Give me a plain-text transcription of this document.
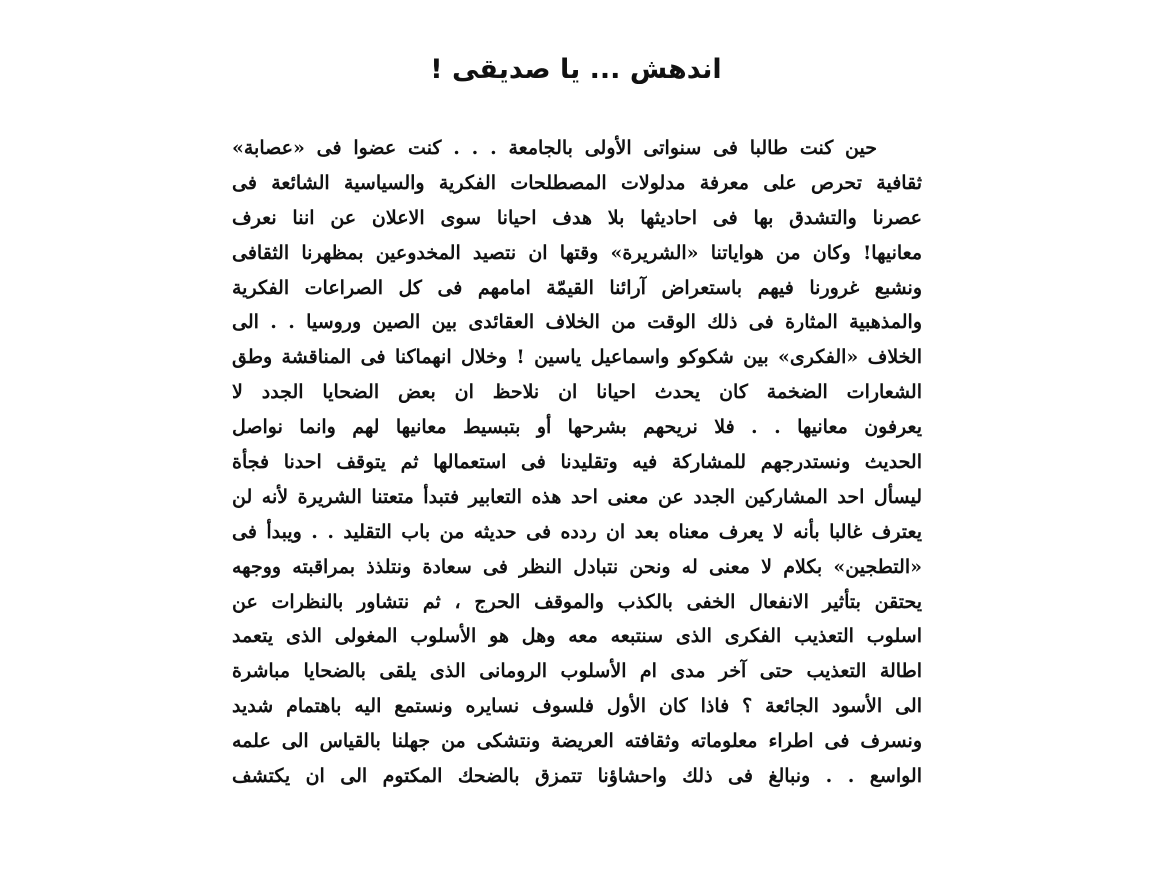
اندهش ... يا صديقى !
حين كنت طالبا فى سنواتى الأولى بالجامعة . . . كنت عضوا فى «عصابة»
ثقافية تحرص على معرفة مدلولات المصطلحات الفكرية والسياسية الشائعة فى
عصرنا والتشدق بها فى احاديثها بلا هدف احيانا سوى الاعلان عن اننا نعرف
معانيها! وكان من هواياتنا «الشريرة» وقتها ان نتصيد المخدوعين بمظهرنا الثقافى
ونشبع غرورنا فيهم باستعراض آرائنا القيمّة امامهم فى كل الصراعات الفكرية
والمذهبية المثارة فى ذلك الوقت من الخلاف العقائدى بين الصين وروسيا . . الى
الخلاف «الفكرى» بين شكوكو واسماعيل ياسين ! وخلال انهماكنا فى المناقشة وطق
الشعارات الضخمة كان يحدث احيانا ان نلاحظ ان بعض الضحايا الجدد لا
يعرفون معانيها . . فلا نريحهم بشرحها أو بتبسيط معانيها لهم وانما نواصل
الحديث ونستدرجهم للمشاركة فيه وتقليدنا فى استعمالها ثم يتوقف احدنا فجأة
ليسأل احد المشاركين الجدد عن معنى احد هذه التعابير فتبدأ متعتنا الشريرة لأنه لن
يعترف غالبا بأنه لا يعرف معناه بعد ان ردده فى حديثه من باب التقليد . . ويبدأ فى
«التطجين» بكلام لا معنى له ونحن نتبادل النظر فى سعادة ونتلذذ بمراقبته ووجهه
يحتقن بتأثير الانفعال الخفى بالكذب والموقف الحرج ، ثم نتشاور بالنظرات عن
اسلوب التعذيب الفكرى الذى سنتبعه معه وهل هو الأسلوب المغولى الذى يتعمد
اطالة التعذيب حتى آخر مدى ام الأسلوب الرومانى الذى يلقى بالضحايا مباشرة
الى الأسود الجائعة ؟ فاذا كان الأول فلسوف نسايره ونستمع اليه باهتمام شديد
ونسرف فى اطراء معلوماته وثقافته العريضة ونتشكى من جهلنا بالقياس الى علمه
الواسع . . ونبالغ فى ذلك واحشاؤنا تتمزق بالضحك المكتوم الى ان يكتشف
